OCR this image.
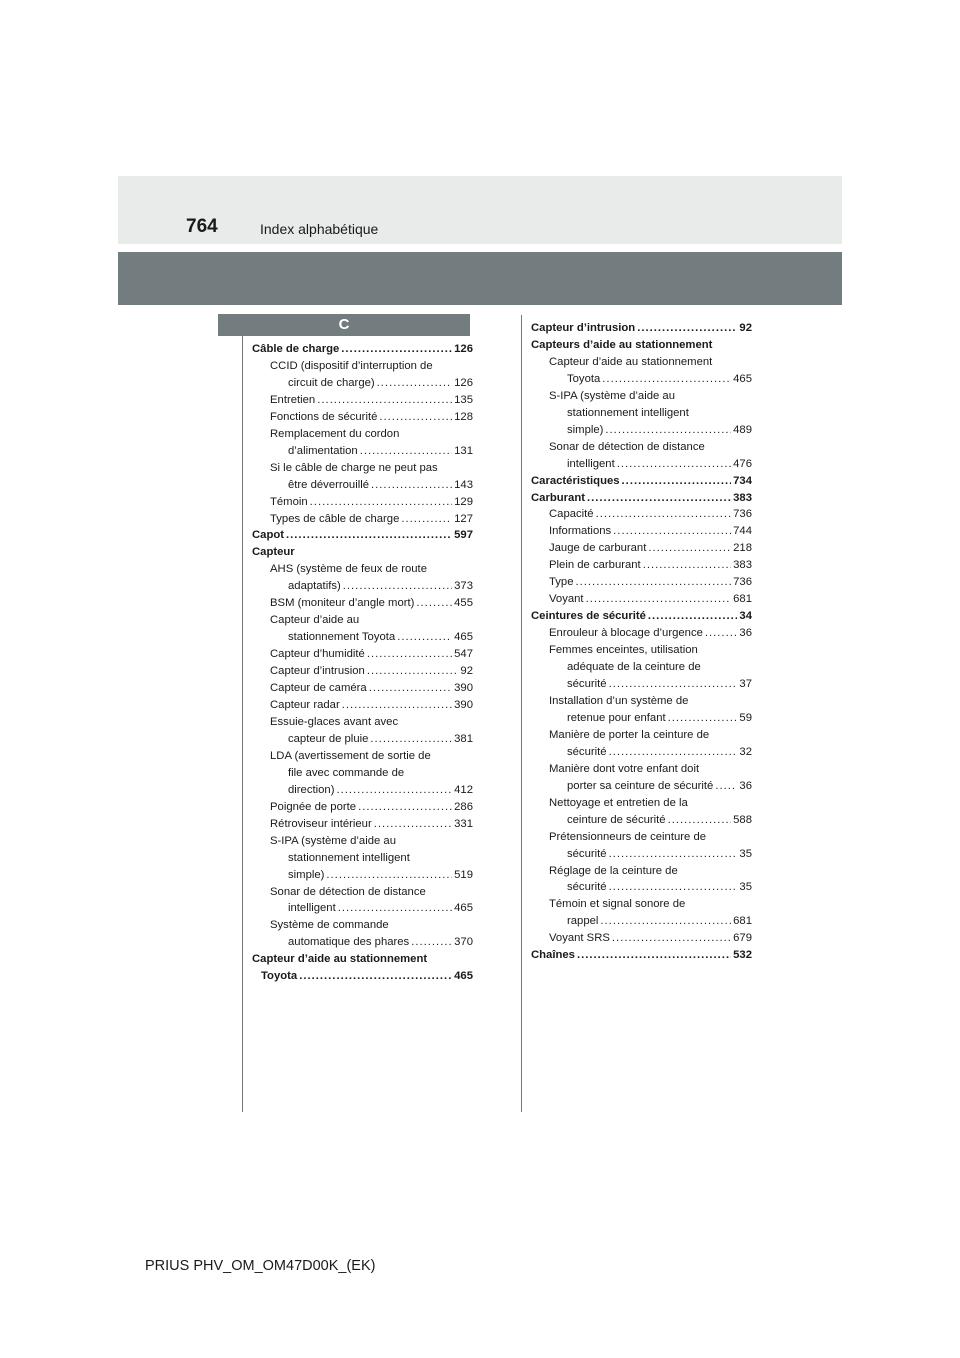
764	Index alphabétique
C
Câble de charge .....	126
CCID (dispositif d’interruption de
circuit de charge) .....	126
Entretien .....	135
Fonctions de sécurité .....	128
Remplacement du cordon
d’alimentation .....	131
Si le câble de charge ne peut pas
être déverrouillé .....	143
Témoin .....	129
Types de câble de charge .....	127
Capot .....	597
Capteur
AHS (système de feux de route
adaptatifs) .....	373
BSM (moniteur d’angle mort) .....	455
Capteur d’aide au
stationnement Toyota .....	465
Capteur d’humidité .....	547
Capteur d’intrusion .....	92
Capteur de caméra .....	390
Capteur radar .....	390
Essuie-glaces avant avec
capteur de pluie .....	381
LDA (avertissement de sortie de
file avec commande de
direction) .....	412
Poignée de porte .....	286
Rétroviseur intérieur .....	331
S-IPA (système d’aide au
stationnement intelligent
simple) .....	519
Sonar de détection de distance
intelligent .....	465
Système de commande
automatique des phares .....	370
Capteur d’aide au stationnement
Toyota .....	465
Capteur d’intrusion .....	92
Capteurs d’aide au stationnement
Capteur d’aide au stationnement
Toyota .....	465
S-IPA (système d’aide au
stationnement intelligent
simple) .....	489
Sonar de détection de distance
intelligent .....	476
Caractéristiques .....	734
Carburant .....	383
Capacité .....	736
Informations .....	744
Jauge de carburant .....	218
Plein de carburant .....	383
Type .....	736
Voyant .....	681
Ceintures de sécurité .....	34
Enrouleur à blocage d’urgence .....	36
Femmes enceintes, utilisation
adéquate de la ceinture de
sécurité .....	37
Installation d’un système de
retenue pour enfant .....	59
Manière de porter la ceinture de
sécurité .....	32
Manière dont votre enfant doit
porter sa ceinture de sécurité ..... 36
Nettoyage et entretien de la
ceinture de sécurité .....	588
Prétensionneurs de ceinture de
sécurité .....	35
Réglage de la ceinture de
sécurité .....	35
Témoin et signal sonore de
rappel .....	681
Voyant SRS .....	679
Chaînes .....	532
PRIUS PHV_OM_OM47D00K_(EK)
